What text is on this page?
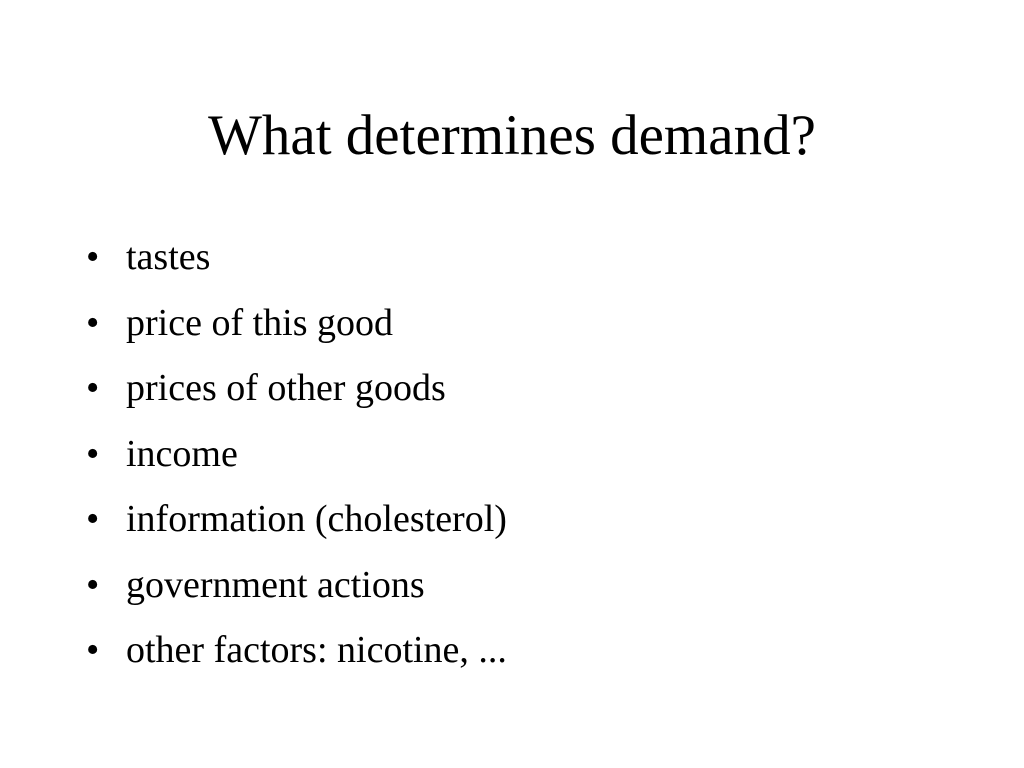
What determines demand?
• tastes
• price of this good
• prices of other goods
• income
• information (cholesterol)
• government actions
• other factors: nicotine, ...
